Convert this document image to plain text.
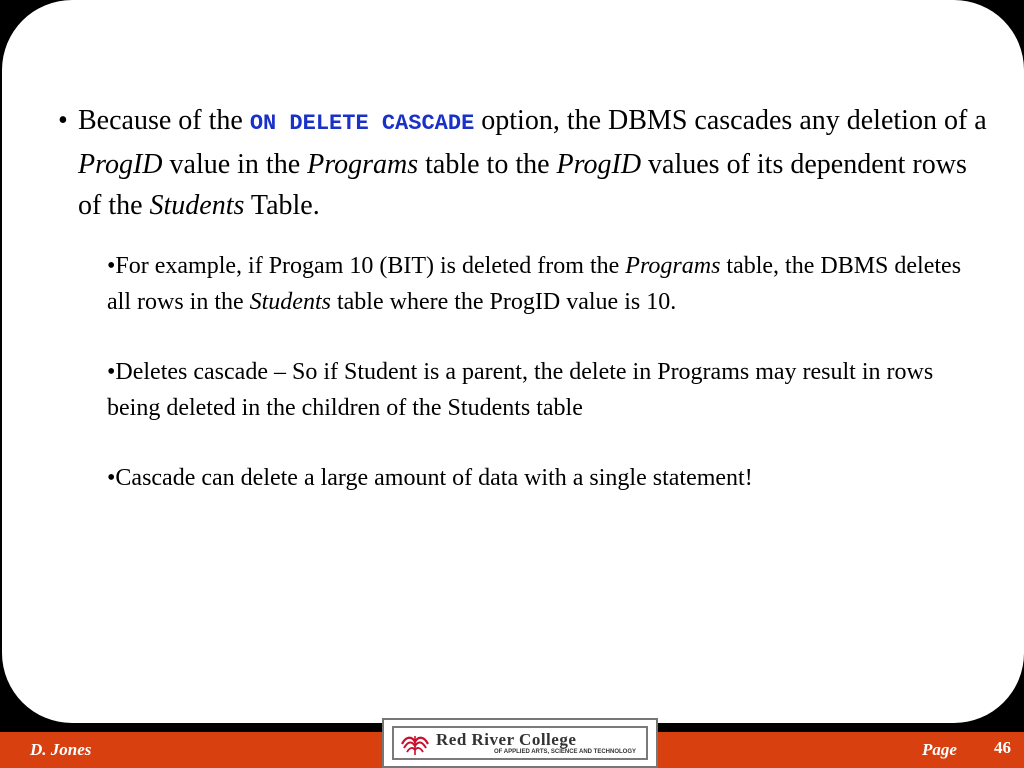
• Because of the ON DELETE CASCADE option, the DBMS cascades any deletion of a ProgID value in the Programs table to the ProgID values of its dependent rows of the Students Table.
•For example, if Progam 10 (BIT) is deleted from the Programs table, the DBMS deletes all rows in the Students table where the ProgID value is 10.
•Deletes cascade – So if Student is a parent, the delete in Programs may result in rows being deleted in the children of the Students table
•Cascade can delete a large amount of data with a single statement!
D. Jones
Red River College
OF APPLIED ARTS, SCIENCE AND TECHNOLOGY	Page 46
